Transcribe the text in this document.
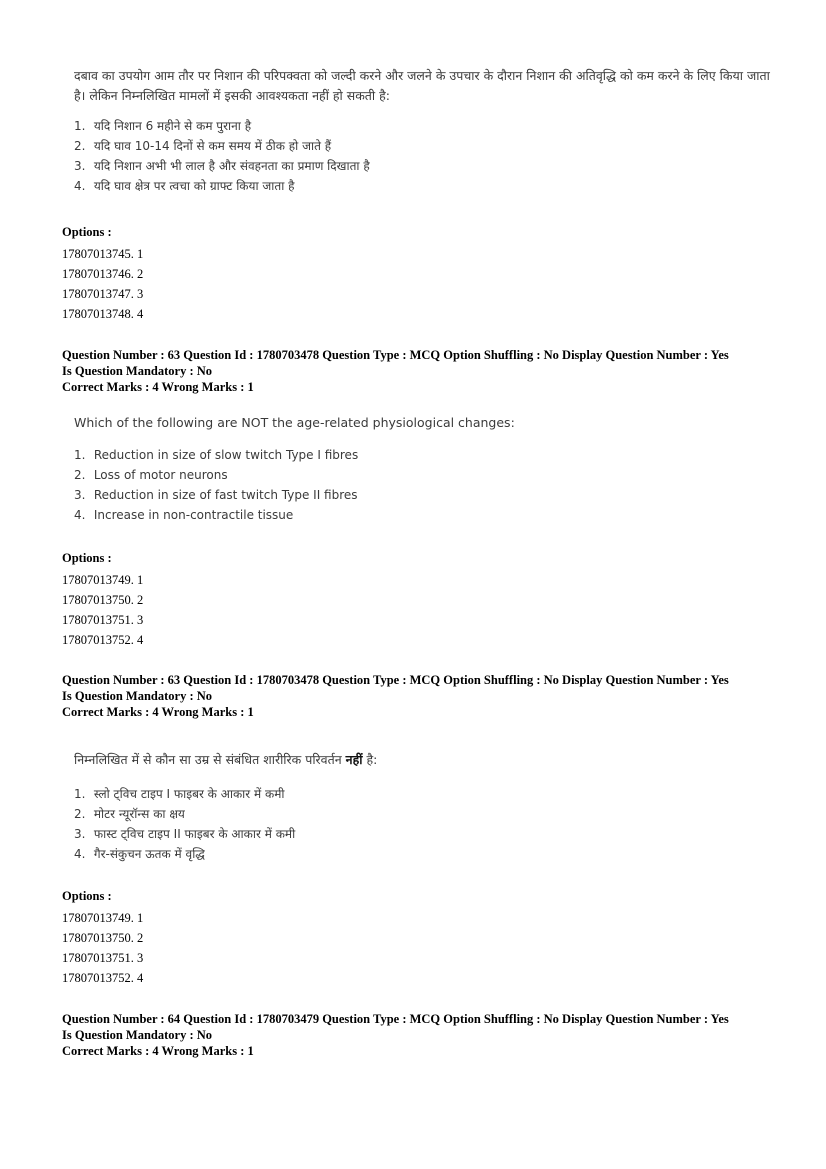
दबाव का उपयोग आम तौर पर निशान की परिपक्वता को जल्दी करने और जलने के उपचार के दौरान निशान की अतिवृद्धि को कम करने के लिए किया जाता है। लेकिन निम्नलिखित मामलों में इसकी आवश्यकता नहीं हो सकती है:

1. यदि निशान 6 महीने से कम पुराना है
2. यदि घाव 10-14 दिनों से कम समय में ठीक हो जाते हैं
3. यदि निशान अभी भी लाल है और संवहनता का प्रमाण दिखाता है
4. यदि घाव क्षेत्र पर त्वचा को ग्राफ्ट किया जाता है
Options :
17807013745. 1
17807013746. 2
17807013747. 3
17807013748. 4
Question Number : 63 Question Id : 1780703478 Question Type : MCQ Option Shuffling : No Display Question Number : Yes
Is Question Mandatory : No
Correct Marks : 4 Wrong Marks : 1

Which of the following are NOT the age-related physiological changes:

1. Reduction in size of slow twitch Type I fibres
2. Loss of motor neurons
3. Reduction in size of fast twitch Type II fibres
4. Increase in non-contractile tissue
Options :
17807013749. 1
17807013750. 2
17807013751. 3
17807013752. 4
Question Number : 63 Question Id : 1780703478 Question Type : MCQ Option Shuffling : No Display Question Number : Yes
Is Question Mandatory : No
Correct Marks : 4 Wrong Marks : 1

निम्नलिखित में से कौन सा उम्र से संबंधित शारीरिक परिवर्तन नहीं है:

1. स्लो ट्विच टाइप I फाइबर के आकार में कमी
2. मोटर न्यूरॉन्स का क्षय
3. फास्ट ट्विच टाइप II फाइबर के आकार में कमी
4. गैर-संकुचन ऊतक में वृद्धि
Options :
17807013749. 1
17807013750. 2
17807013751. 3
17807013752. 4
Question Number : 64 Question Id : 1780703479 Question Type : MCQ Option Shuffling : No Display Question Number : Yes
Is Question Mandatory : No
Correct Marks : 4 Wrong Marks : 1
